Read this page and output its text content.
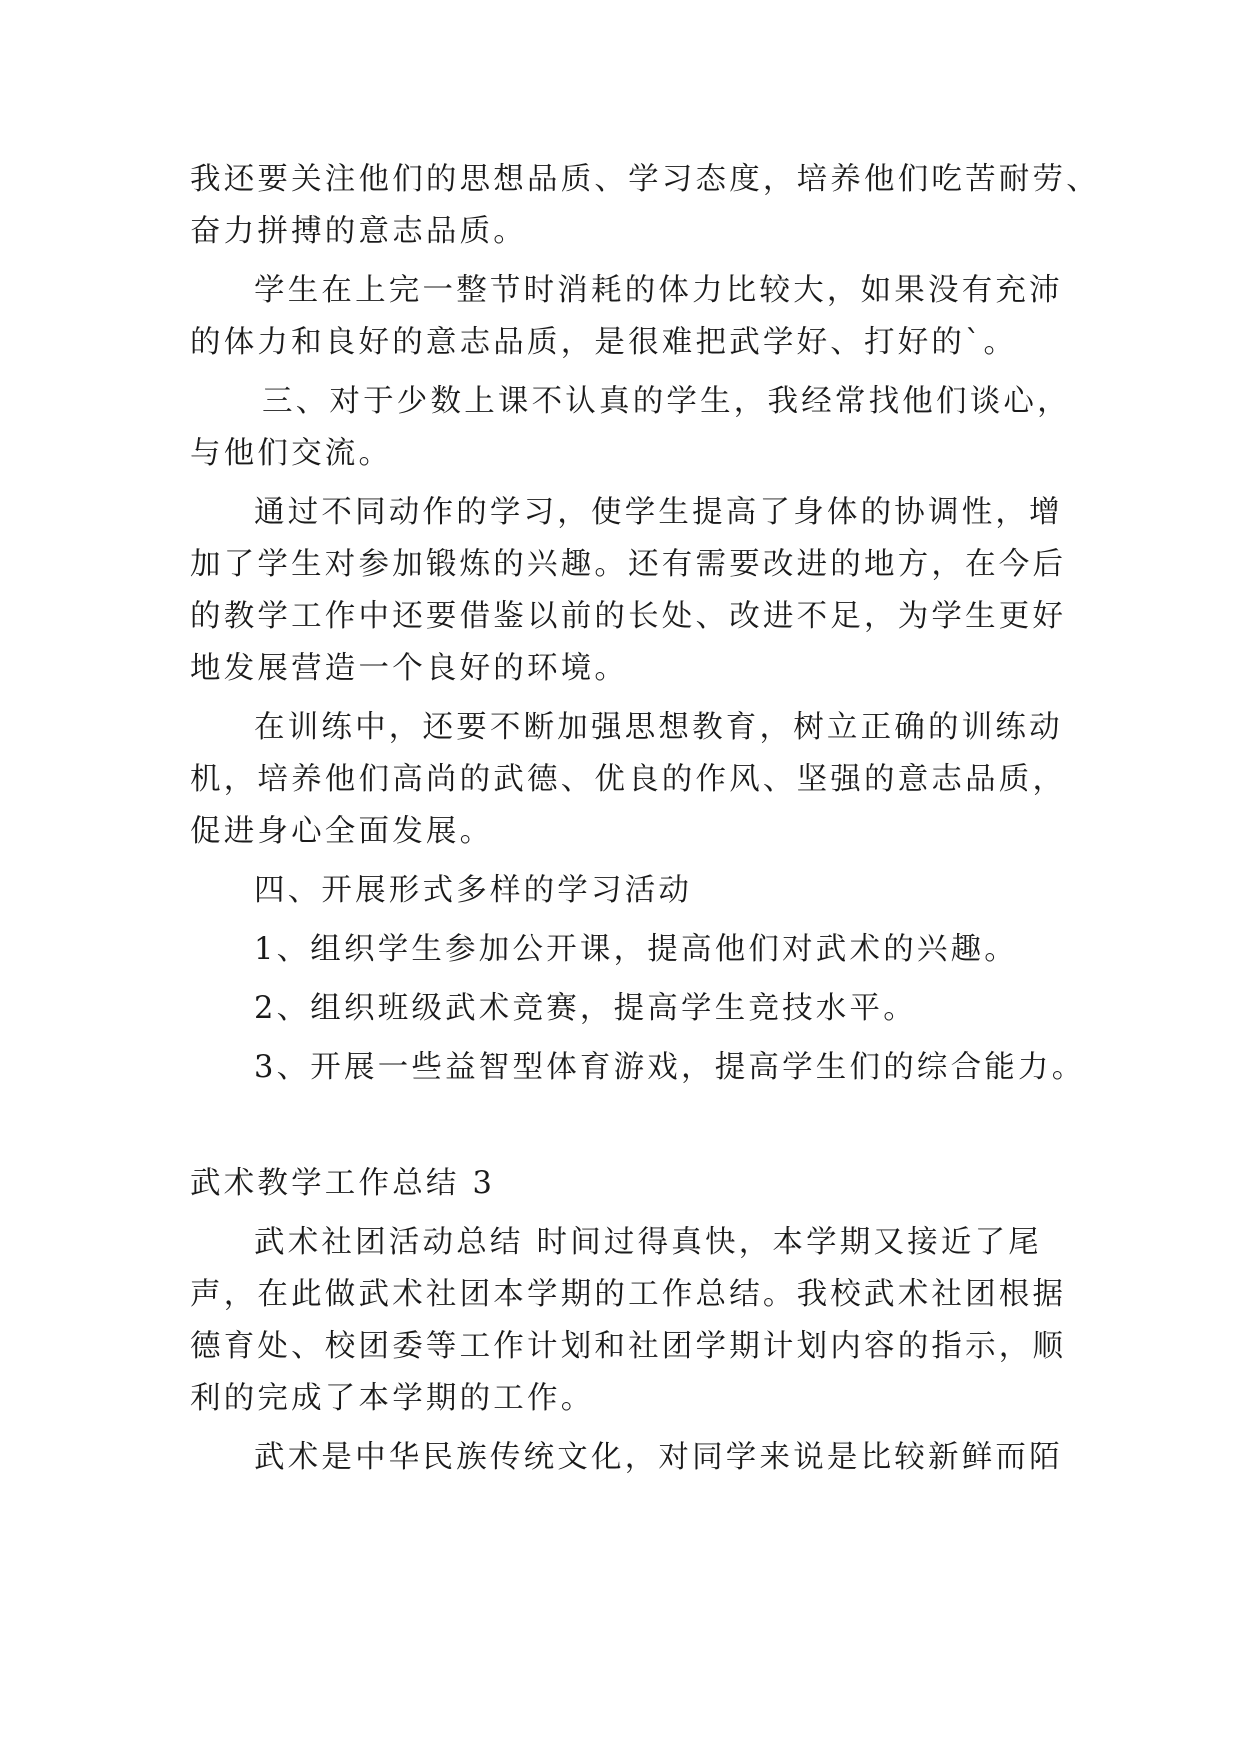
我还要关注他们的思想品质、学习态度，培养他们吃苦耐劳、
奋力拼搏的意志品质。
学生在上完一整节时消耗的体力比较大，如果没有充沛
的体力和良好的意志品质，是很难把武学好、打好的`。
三、对于少数上课不认真的学生，我经常找他们谈心，
与他们交流。
通过不同动作的学习，使学生提高了身体的协调性，增
加了学生对参加锻炼的兴趣。还有需要改进的地方，在今后
的教学工作中还要借鉴以前的长处、改进不足，为学生更好
地发展营造一个良好的环境。
在训练中，还要不断加强思想教育，树立正确的训练动
机，培养他们高尚的武德、优良的作风、坚强的意志品质，
促进身心全面发展。
四、开展形式多样的学习活动
1、组织学生参加公开课，提高他们对武术的兴趣。
2、组织班级武术竞赛，提高学生竞技水平。
3、开展一些益智型体育游戏，提高学生们的综合能力。
武术教学工作总结 3
武术社团活动总结 时间过得真快，本学期又接近了尾
声，在此做武术社团本学期的工作总结。我校武术社团根据
德育处、校团委等工作计划和社团学期计划内容的指示，顺
利的完成了本学期的工作。
武术是中华民族传统文化，对同学来说是比较新鲜而陌
